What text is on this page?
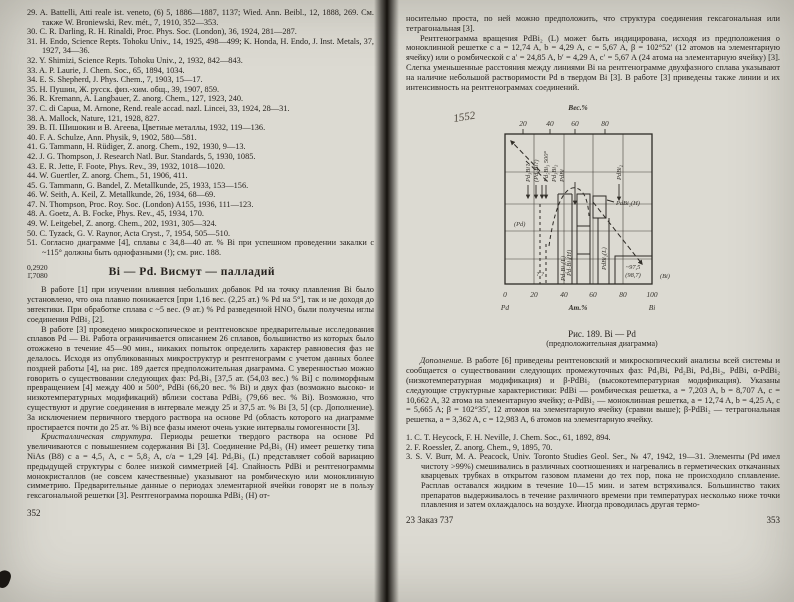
29. A. Battelli, Atti reale ist. veneto, (6) 5, 1886—1887, 1137; Wied. Ann. Beibl., 12, 1888, 269. См. также W. Broniewski, Rev. mét., 7, 1910, 352—353.
30. C. R. Darling, R. H. Rinaldi, Proc. Phys. Soc. (London), 36, 1924, 281—287.
31. H. Endo, Science Repts. Tohoku Univ., 14, 1925, 498—499; K. Honda, H. Endo, J. Inst. Metals, 37, 1927, 34—36.
32. Y. Shimizi, Science Repts. Tohoku Univ., 2, 1932, 842—843.
33. A. P. Laurie, J. Chem. Soc., 65, 1894, 1034.
34. E. S. Shepherd, J. Phys. Chem., 7, 1903, 15—17.
35. Н. Пушин, Ж. русск. физ.-хим. общ., 39, 1907, 859.
36. R. Kremann, A. Langbauer, Z. anorg. Chem., 127, 1923, 240.
37. C. di Capua, M. Arnone, Rend. reale accad. nazl. Lincei, 33, 1924, 28—31.
38. A. Mallock, Nature, 121, 1928, 827.
39. В. П. Шишокин и В. Агеева, Цветные металлы, 1932, 119—136.
40. F. A. Schulze, Ann. Physik, 9, 1902, 580—581.
41. G. Tammann, H. Rüdiger, Z. anorg. Chem., 192, 1930, 9—13.
42. J. G. Thompson, J. Research Natl. Bur. Standards, 5, 1930, 1085.
43. E. R. Jette, F. Foote, Phys. Rev., 39, 1932, 1018—1020.
44. W. Guertler, Z. anorg. Chem., 51, 1906, 411.
45. G. Tammann, G. Bandel, Z. Metallkunde, 25, 1933, 153—156.
46. W. Seith, A. Keil, Z. Metallkunde, 26, 1934, 68—69.
47. N. Thompson, Proc. Roy. Soc. (London) A155, 1936, 111—123.
48. A. Goetz, A. B. Focke, Phys. Rev., 45, 1934, 170.
49. W. Leitgebel, Z. anorg. Chem., 202, 1931, 305—324.
50. C. Tyzack, G. V. Raynor, Acta Cryst., 7, 1954, 505—510.
51. Согласно диаграмме [4], сплавы с 34,8—40 ат. % Bi при успешном проведении закалки с ~115° должны быть однофазными (!); см. рис. 188.
0,2920
1̄,7080	Bi — Pd. Висмут — палладий

В работе [1] при изучении влияния небольших добавок Pd на точку плавления Bi было установлено, что она плавно понижается [при 1,16 вес. (2,25 ат.) % Pd на 5°], так и не доходя до эвтектики. При обработке сплава с ~5 вес. (9 ат.) % Pd разведенной HNO₃ были получены иглы соединения PdBi₂ [2].

В работе [3] проведено микроскопическое и рентгеновское предварительные исследования сплавов Pd — Bi. Работа ограничивается описанием 26 сплавов, большинство из которых было отожжено в течение 45—90 мин., никаких попыток определить характер равновесия фаз не делалось. Исходя из опубликованных микроструктур и рентгенограмм с учетом данных более поздней работы [4], на рис. 189 дается предположительная диаграмма. С уверенностью можно говорить о существовании следующих фаз: Pd₅Bi₃ [37,5 ат. (54,03 вес.) % Bi] с полиморфным превращением [4] между 400 и 500°, PdBi (66,20 вес. % Bi) и двух фаз (возможно высоко- и низкотемпературных модификаций) вблизи состава PdBi₂ (79,66 вес. % Bi). Возможно, что существуют и другие соединения в интервале между 25 и 37,5 ат. % Bi [3, 5] (ср. Дополнение). За исключением первичного твердого раствора на основе Pd (область которого на диаграмме простирается почти до 25 ат. % Bi) все фазы имеют очень узкие интервалы гомогенности [3].

Кристаллическая структура. Периоды решетки твердого раствора на основе Pd увеличиваются с повышением содержания Bi [3]. Соединение Pd₅Bi₃ (H) имеет решетку типа NiAs (B8) с a = 4,5₁ A, c = 5,8₂ A, c/a = 1,29 [4]. Pd₅Bi₃ (L) представляет собой вариацию предыдущей структуры с более низкой симметрией [4]. Спайность PdBi и рентгенограммы монокристаллов (не совсем качественные) указывают на ромбическую или моноклинную симметрию. Предварительные данные о периодах элементарной ячейки говорят не в пользу гексагональной решетки [3]. Рентгенограмма порошка PdBi₂ (H) от-

352

носительно проста, по ней можно предположить, что структура соединения гексагональная или тетрагональная [3].

Рентгенограмма вращения PdBi₂ (L) может быть индицирована, исходя из предположения о моноклинной решетке с a = 12,74 A, b = 4,29 A, c = 5,67 A, β = 102°52′ (12 атомов на элементарную ячейку) или о ромбической с a′ = 24,85 A, b′ = 4,29 A, c′ = 5,67 A (24 атома на элементарную ячейку) [3]. Слегка уменьшенные расстояния между линиями Bi на рентгенограмме двухфазного сплава указывают на наличие небольшой растворимости Pd в твердом Bi [3]. В работе [3] приведены также линии и их интенсивность на рентгенограммах соединений.

1552
Вес.%
20	40 60	80
Pd₃Bi? (Pd₂Bi?) Pd₅Bi₃ 500° Pd₃Bi₂ PdBi	PdBi₂
(Pd)
Pd₅Bi₃(L) Pd₅Bi₃(H)
PdBi₂(H)
PdBi₂(L)
(Bi)
? ?
~97,5
(98,7)
0	20	40	60	80	100
Pd	Ат.%	Bi
Рис. 189. Bi — Pd
(предположительная диаграмма)

Дополнение. В работе [6] приведены рентгеновский и микроскопический анализы всей системы и сообщается о существовании следующих промежуточных фаз: Pd₃Bi, Pd₂Bi, Pd₃Bi₂, PdBi, α-PdBi₂ (низкотемпературная модификация) и β-PdBi₂ (высокотемпературная модификация). Указаны следующие структурные характеристики: PdBi — ромбическая решетка, a = 7,203 A, b = 8,707 A, c = 10,662 A, 32 атома на элементарную ячейку; α-PdBi₂ — моноклинная решетка, a = 12,74 A, b = 4,25 A, c = 5,665 A; β = 102°35′, 12 атомов на элементарную ячейку (сравни выше); β-PdBi₂ — тетрагональная решетка, a = 3,362 A, c = 12,983 A, 6 атомов на элементарную ячейку.

1. C. T. Heycock, F. H. Neville, J. Chem. Soc., 61, 1892, 894.
2. F. Roessler, Z. anorg. Chem., 9, 1895, 70.
3. S. V. Burr, M. A. Peacock, Univ. Toronto Studies Geol. Ser., № 47, 1942, 19—31. Элементы (Pd имел чистоту >99%) смешивались в различных соотношениях и нагревались в герметических откачанных кварцевых трубках в открытом газовом пламени до тех пор, пока не происходило сплавление. Расплав оставался жидким в течение 10—15 мин. и затем встряхивался. Большинство таких препаратов выдерживалось в течение различного времени при температурах несколько ниже точки плавления и затем охлаждалось на воздухе. Иногда проводилась другая термо-
23 Заказ 737	353
